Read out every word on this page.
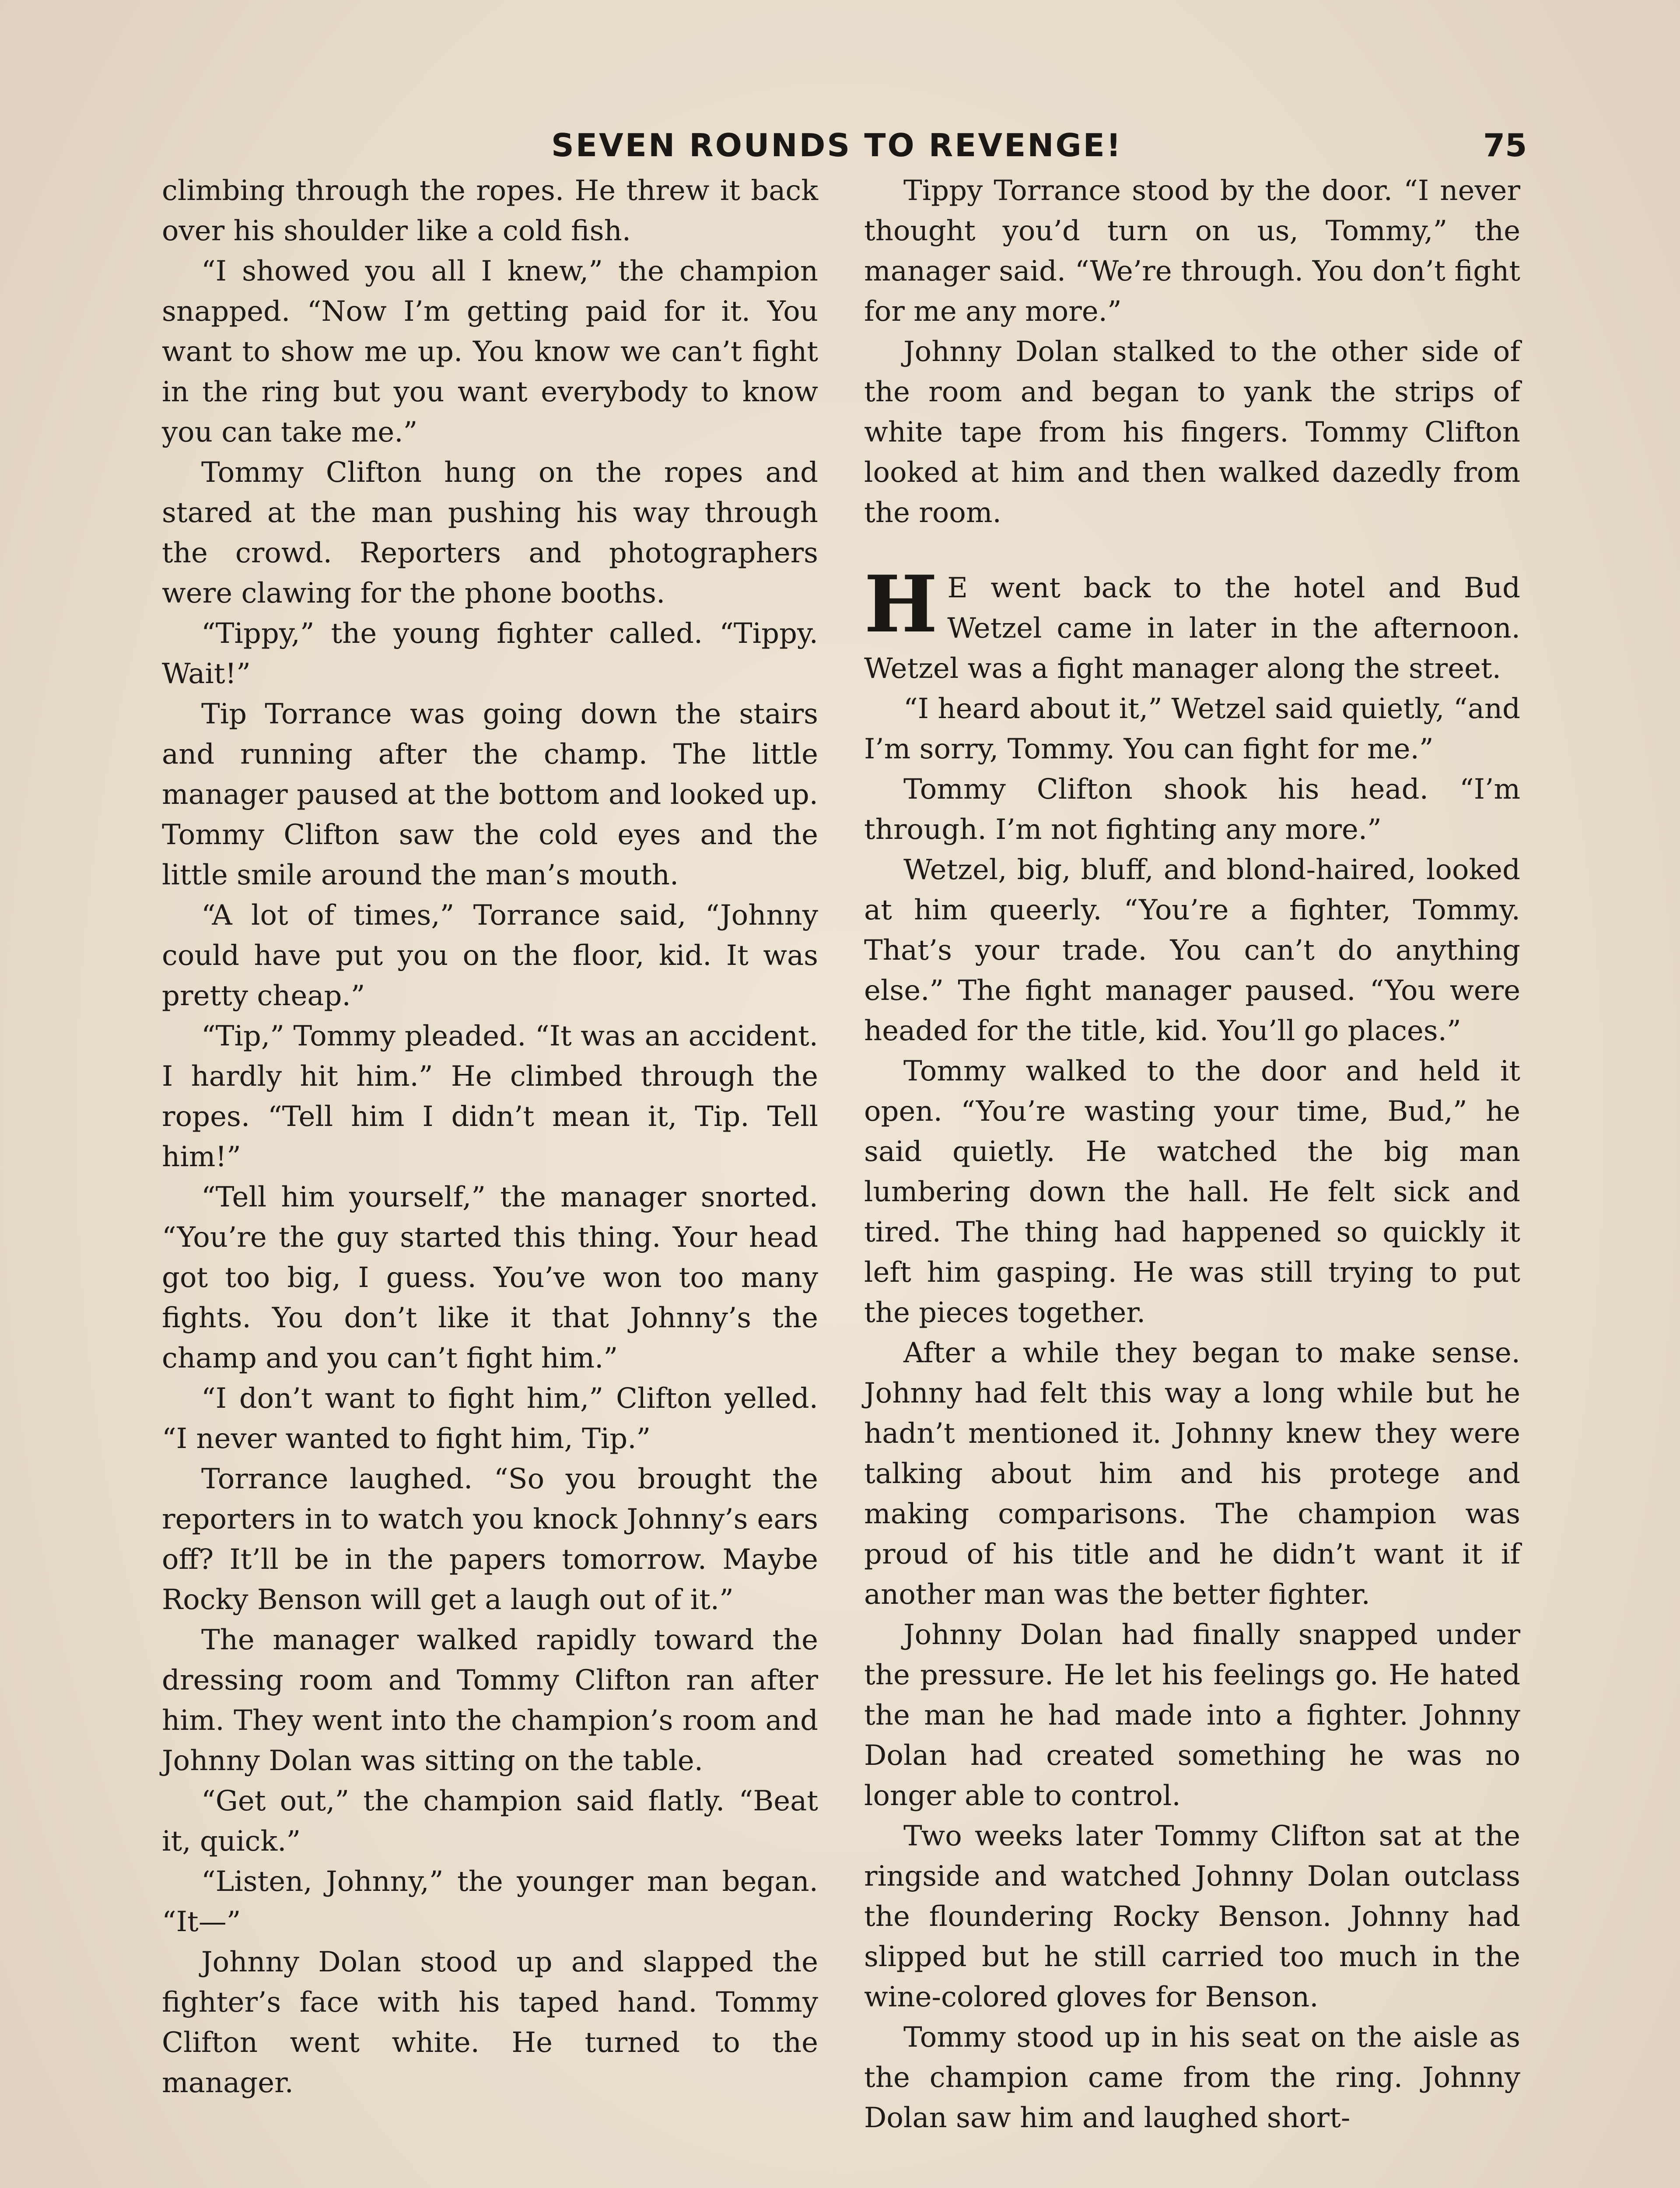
SEVEN ROUNDS TO REVENGE!	75

climbing through the ropes. He threw it back over his shoulder like a cold fish.

“I showed you all I knew,” the champion snapped. “Now I’m getting paid for it. You want to show me up. You know we can’t fight in the ring but you want everybody to know you can take me.”

Tommy Clifton hung on the ropes and stared at the man pushing his way through the crowd. Reporters and photographers were clawing for the phone booths.

“Tippy,” the young fighter called. “Tippy. Wait!”

Tip Torrance was going down the stairs and running after the champ. The little manager paused at the bottom and looked up. Tommy Clifton saw the cold eyes and the little smile around the man’s mouth.

“A lot of times,” Torrance said, “Johnny could have put you on the floor, kid. It was pretty cheap.”

“Tip,” Tommy pleaded. “It was an accident. I hardly hit him.” He climbed through the ropes. “Tell him I didn’t mean it, Tip. Tell him!”

“Tell him yourself,” the manager snorted. “You’re the guy started this thing. Your head got too big, I guess. You’ve won too many fights. You don’t like it that Johnny’s the champ and you can’t fight him.”

“I don’t want to fight him,” Clifton yelled. “I never wanted to fight him, Tip.”

Torrance laughed. “So you brought the reporters in to watch you knock Johnny’s ears off? It’ll be in the papers tomorrow. Maybe Rocky Benson will get a laugh out of it.”

The manager walked rapidly toward the dressing room and Tommy Clifton ran after him. They went into the champion’s room and Johnny Dolan was sitting on the table.

“Get out,” the champion said flatly. “Beat it, quick.”

“Listen, Johnny,” the younger man began. “It—”

Johnny Dolan stood up and slapped the fighter’s face with his taped hand. Tommy Clifton went white. He turned to the manager.

Tippy Torrance stood by the door. “I never thought you’d turn on us, Tommy,” the manager said. “We’re through. You don’t fight for me any more.”

Johnny Dolan stalked to the other side of the room and began to yank the strips of white tape from his fingers. Tommy Clifton looked at him and then walked dazedly from the room.

H E went back to the hotel and Bud Wetzel came in later in the afternoon. Wetzel was a fight manager along the street.

“I heard about it,” Wetzel said quietly, “and I’m sorry, Tommy. You can fight for me.”

Tommy Clifton shook his head. “I’m through. I’m not fighting any more.”

Wetzel, big, bluff, and blond-haired, looked at him queerly. “You’re a fighter, Tommy. That’s your trade. You can’t do anything else.” The fight manager paused. “You were headed for the title, kid. You’ll go places.”

Tommy walked to the door and held it open. “You’re wasting your time, Bud,” he said quietly. He watched the big man lumbering down the hall. He felt sick and tired. The thing had happened so quickly it left him gasping. He was still trying to put the pieces together.

After a while they began to make sense. Johnny had felt this way a long while but he hadn’t mentioned it. Johnny knew they were talking about him and his protege and making comparisons. The champion was proud of his title and he didn’t want it if another man was the better fighter.

Johnny Dolan had finally snapped under the pressure. He let his feelings go. He hated the man he had made into a fighter. Johnny Dolan had created something he was no longer able to control.

Two weeks later Tommy Clifton sat at the ringside and watched Johnny Dolan outclass the floundering Rocky Benson. Johnny had slipped but he still carried too much in the wine-colored gloves for Benson.

Tommy stood up in his seat on the aisle as the champion came from the ring. Johnny Dolan saw him and laughed short-
